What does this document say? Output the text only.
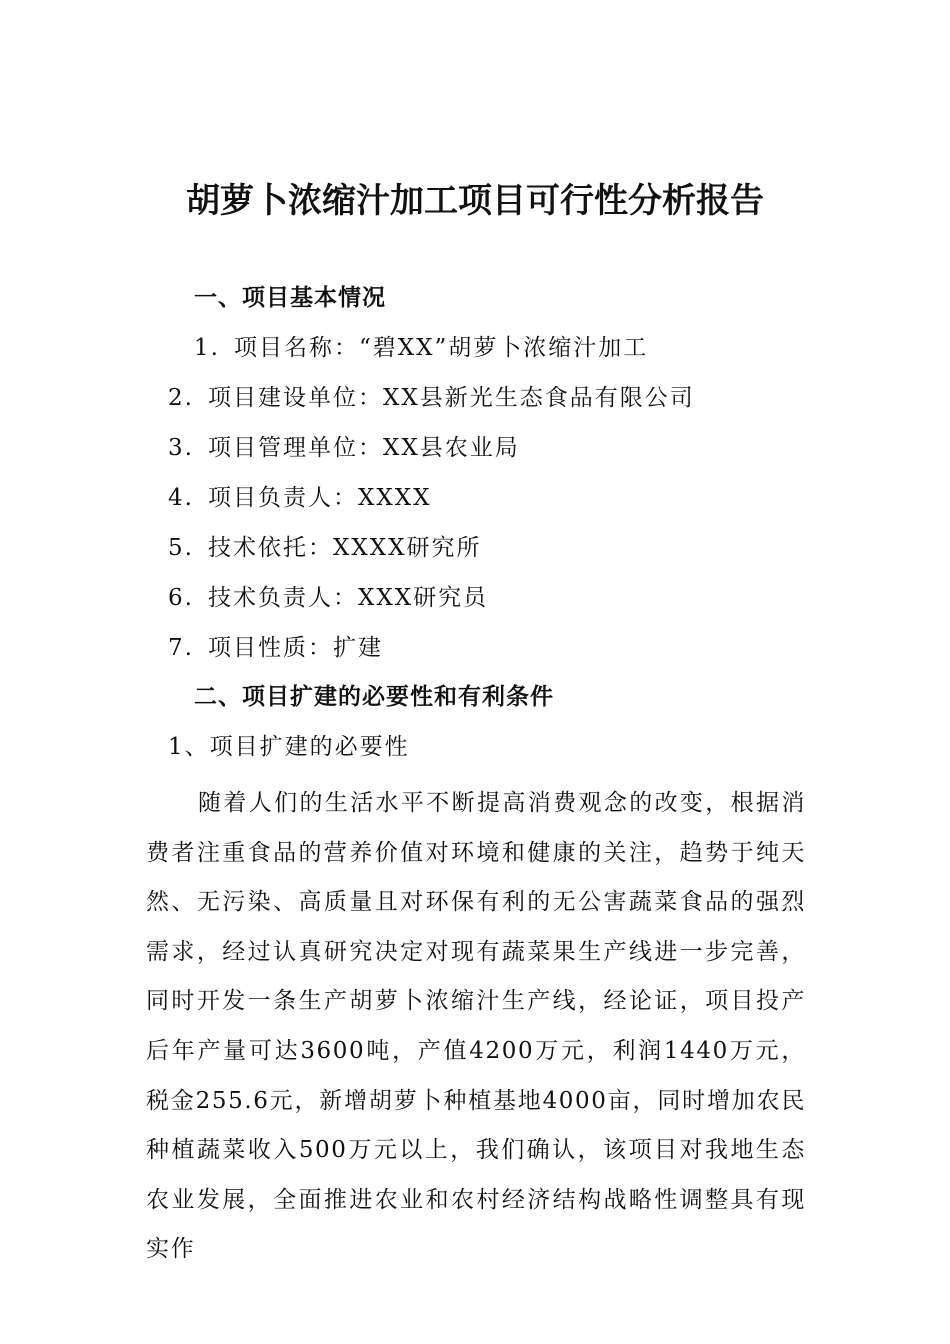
胡萝卜浓缩汁加工项目可行性分析报告
一、项目基本情况
1. 项目名称：“碧XX”胡萝卜浓缩汁加工
2. 项目建设单位：XX县新光生态食品有限公司
3. 项目管理单位：XX县农业局
4. 项目负责人：XXXX
5. 技术依托：XXXX研究所
6. 技术负责人：XXX研究员
7. 项目性质：扩建
二、项目扩建的必要性和有利条件
1、项目扩建的必要性

随着人们的生活水平不断提高消费观念的改变，根据消费者注重食品的营养价值对环境和健康的关注，趋势于纯天然、无污染、高质量且对环保有利的无公害蔬菜食品的强烈需求，经过认真研究决定对现有蔬菜果生产线进一步完善，同时开发一条生产胡萝卜浓缩汁生产线，经论证，项目投产后年产量可达3600吨，产值4200万元，利润1440万元，税金255.6元，新增胡萝卜种植基地4000亩，同时增加农民种植蔬菜收入500万元以上，我们确认，该项目对我地生态农业发展，全面推进农业和农村经济结构战略性调整具有现实作
